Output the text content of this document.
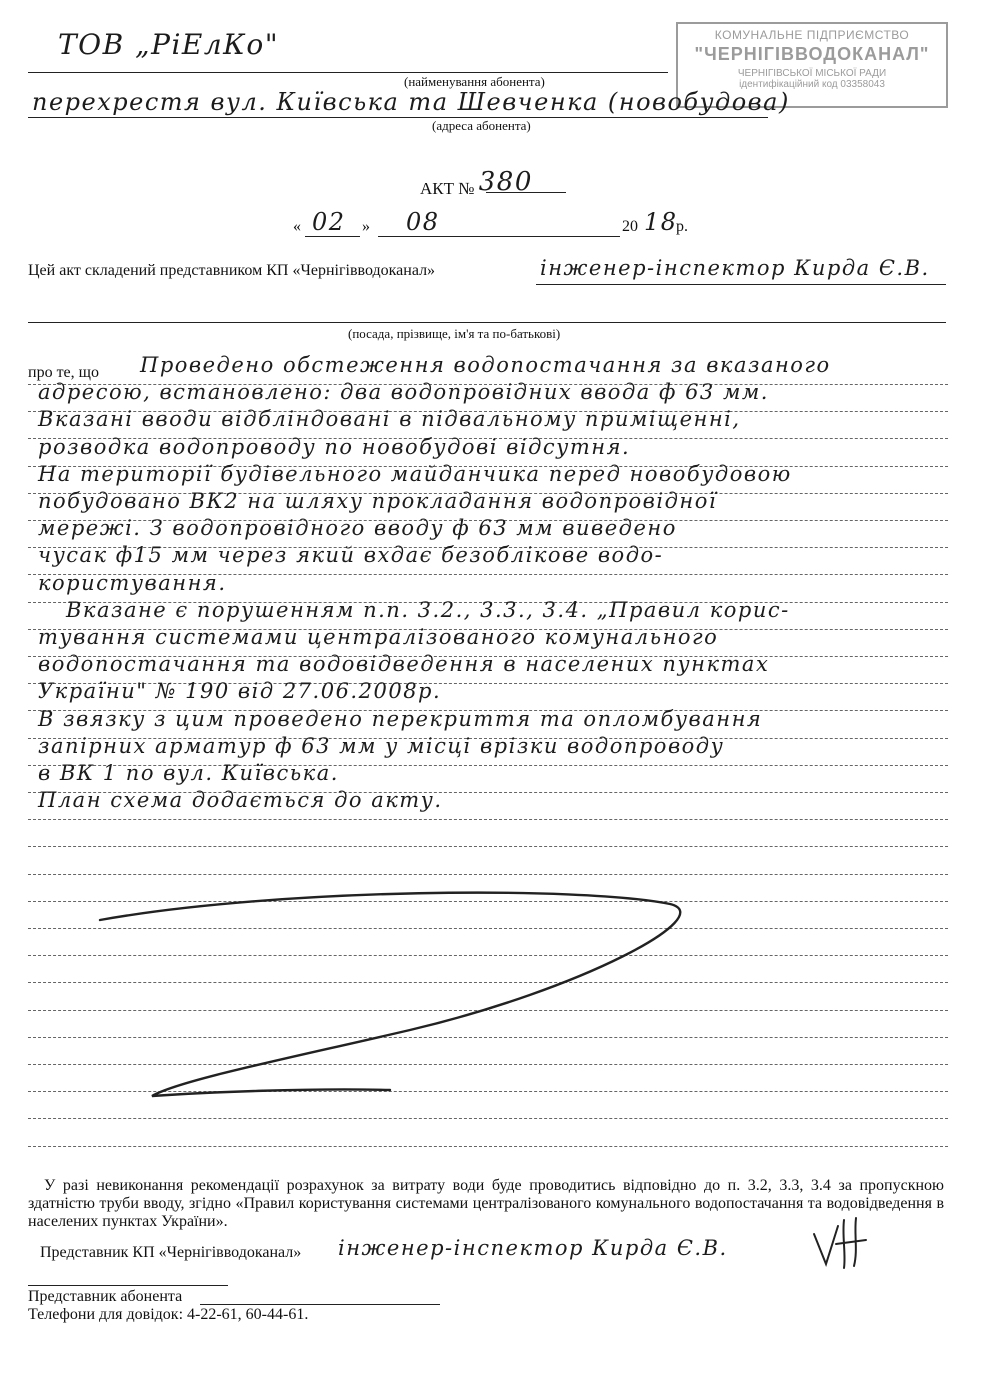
КОМУНАЛЬНЕ ПІДПРИЄМСТВО
"ЧЕРНІГІВВОДОКАНАЛ"
ЧЕРНІГІВСЬКОЇ МІСЬКОЇ РАДИ
ідентифікаційний код 03358043
ТОВ „РіЕлКо"
(найменування абонента)
перехрестя вул. Київська та Шевченка (новобудова)
(адреса абонента)
АКТ № 380
« 02 » 08	20 18
р.
Цей акт складений представником КП «Чернігівводоканал»	інженер-інспектор Кирда Є.В.
(посада, прізвище, ім'я та по-батькові)
про те, що Проведено обстеження водопостачання за вказаного
адресою, встановлено: два водопровідних ввода ф 63 мм.
Вказані вводи відбліндовані в підвальному приміщенні,
розводка водопроводу по новобудові відсутня.
На території будівельного майданчика перед новобудовою
побудовано ВК2 на шляху прокладання водопровідної
мережі. З водопровідного вводу ф 63 мм виведено
чусак ф15 мм через який вхдає безобліковe водо-
користування.
Вказане є порушенням п.п. 3.2., 3.3., 3.4. „Правил корис-
тування системами централізованого комунального
водопостачання та водовідведення в населених пунктах
України" № 190 від 27.06.2008р.
В звязку з цим проведено перекриття та опломбування
запірних арматур ф 63 мм у місці врізки водопроводу
в ВК 1 по вул. Київська.
План схема додається до акту.
У разі невиконання рекомендації розрахунок за витрату води буде проводитись відповідно до п. 3.2, 3.3, 3.4 за пропускною здатністю труби вводу, згідно «Правил користування системами централізованого комунального водопостачання та водовідведення в населених пунктах України».
Представник КП «Чернігівводоканал» інженер-інспектор Кирда Є.В.
Представник абонента
Телефони для довідок: 4-22-61, 60-44-61.
